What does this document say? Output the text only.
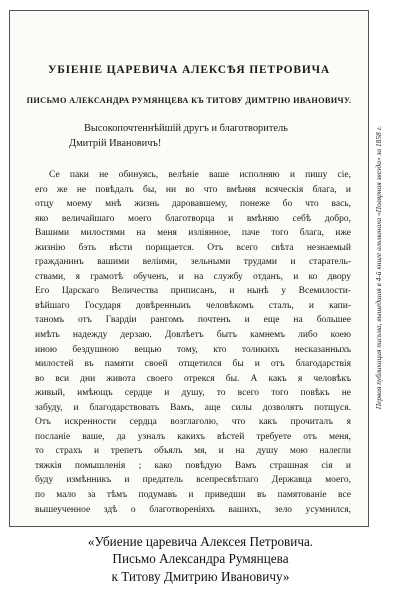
УБІЕНІЕ ЦАРЕВИЧА АЛЕКСѢЯ ПЕТРОВИЧА
ПИСЬМО АЛЕКСАНДРА РУМЯНЦЕВА КЪ ТИТОВУ ДИМТРІЮ ИВАНОВИЧУ.
Высокопочтеннѣйшій другъ и благотворитель
Дмитрій Ивановичъ!
Се паки не обинуясь, велѣніе ваше исполняю и пишу сіе,
его же не повѣдалъ бы, ни во что вмѣняя всяческія блага, и
отцу моему мнѣ жизнь даровавшему, понеже бо что вась,
яко величайшаго моего благотворца и вмѣняю себѣ добро,
Вашими милостями на меня излiянное, паче того блага, иже
жизнію бэть вѣсти порицается. Отъ всего свѣта незнаемый
гражданинъ вашими велiими, зельными трудами и старатель-
ствами, я грамотѣ обученъ, и на службу отданъ, и ко двору
Его Царскаго Величества приписанъ, и нынѣ у Всемилости-
вѣйшаго Государя довѣренныиъ человѣкомъ сталъ, и капи-
таномъ отъ Гвардіи рангомъ почтенъ и еще на большее
имѣть надежду дерзаю. Довлѣетъ бытъ камнемъ либо коею
иною бездушною вещью тому, кто толикихъ несказанныхъ
милостей въ памяти своей отщетился бы и отъ благодарствія
во вси дни живота своего отрекся бы. А какъ я человѣкъ
живый, имѣющъ сердце и душу, то всего того повѣкъ не
забуду, и благодарствовать Вамъ, аще силы дозволятъ потщуся.
Отъ искренности сердца возглаголю, что какъ прочиталъ я
посланіе ваше, да узналъ какихъ вѣстей требуете отъ меня,
то страхъ и трепетъ объялъ мя, и на душу мою налегли
тяжкія помышленія ; како повѣдую Вамъ страшная сія и
буду измѣнникъ и предатель всепресвѣтлаго Державца моего,
по мало за тѣмъ подумавъ и приведши въ памятованіе все
вышеученное здѣ о благотвореніяхъ вашихъ, зело усумнился,
Первая публикация письма, вышедшая в 4-й книге альманаха «Полярная звезда» за 1858 г.
«Убиение царевича Алексея Петровича.
Письмо Александра Румянцева
к Титову Дмитрию Ивановичу»
